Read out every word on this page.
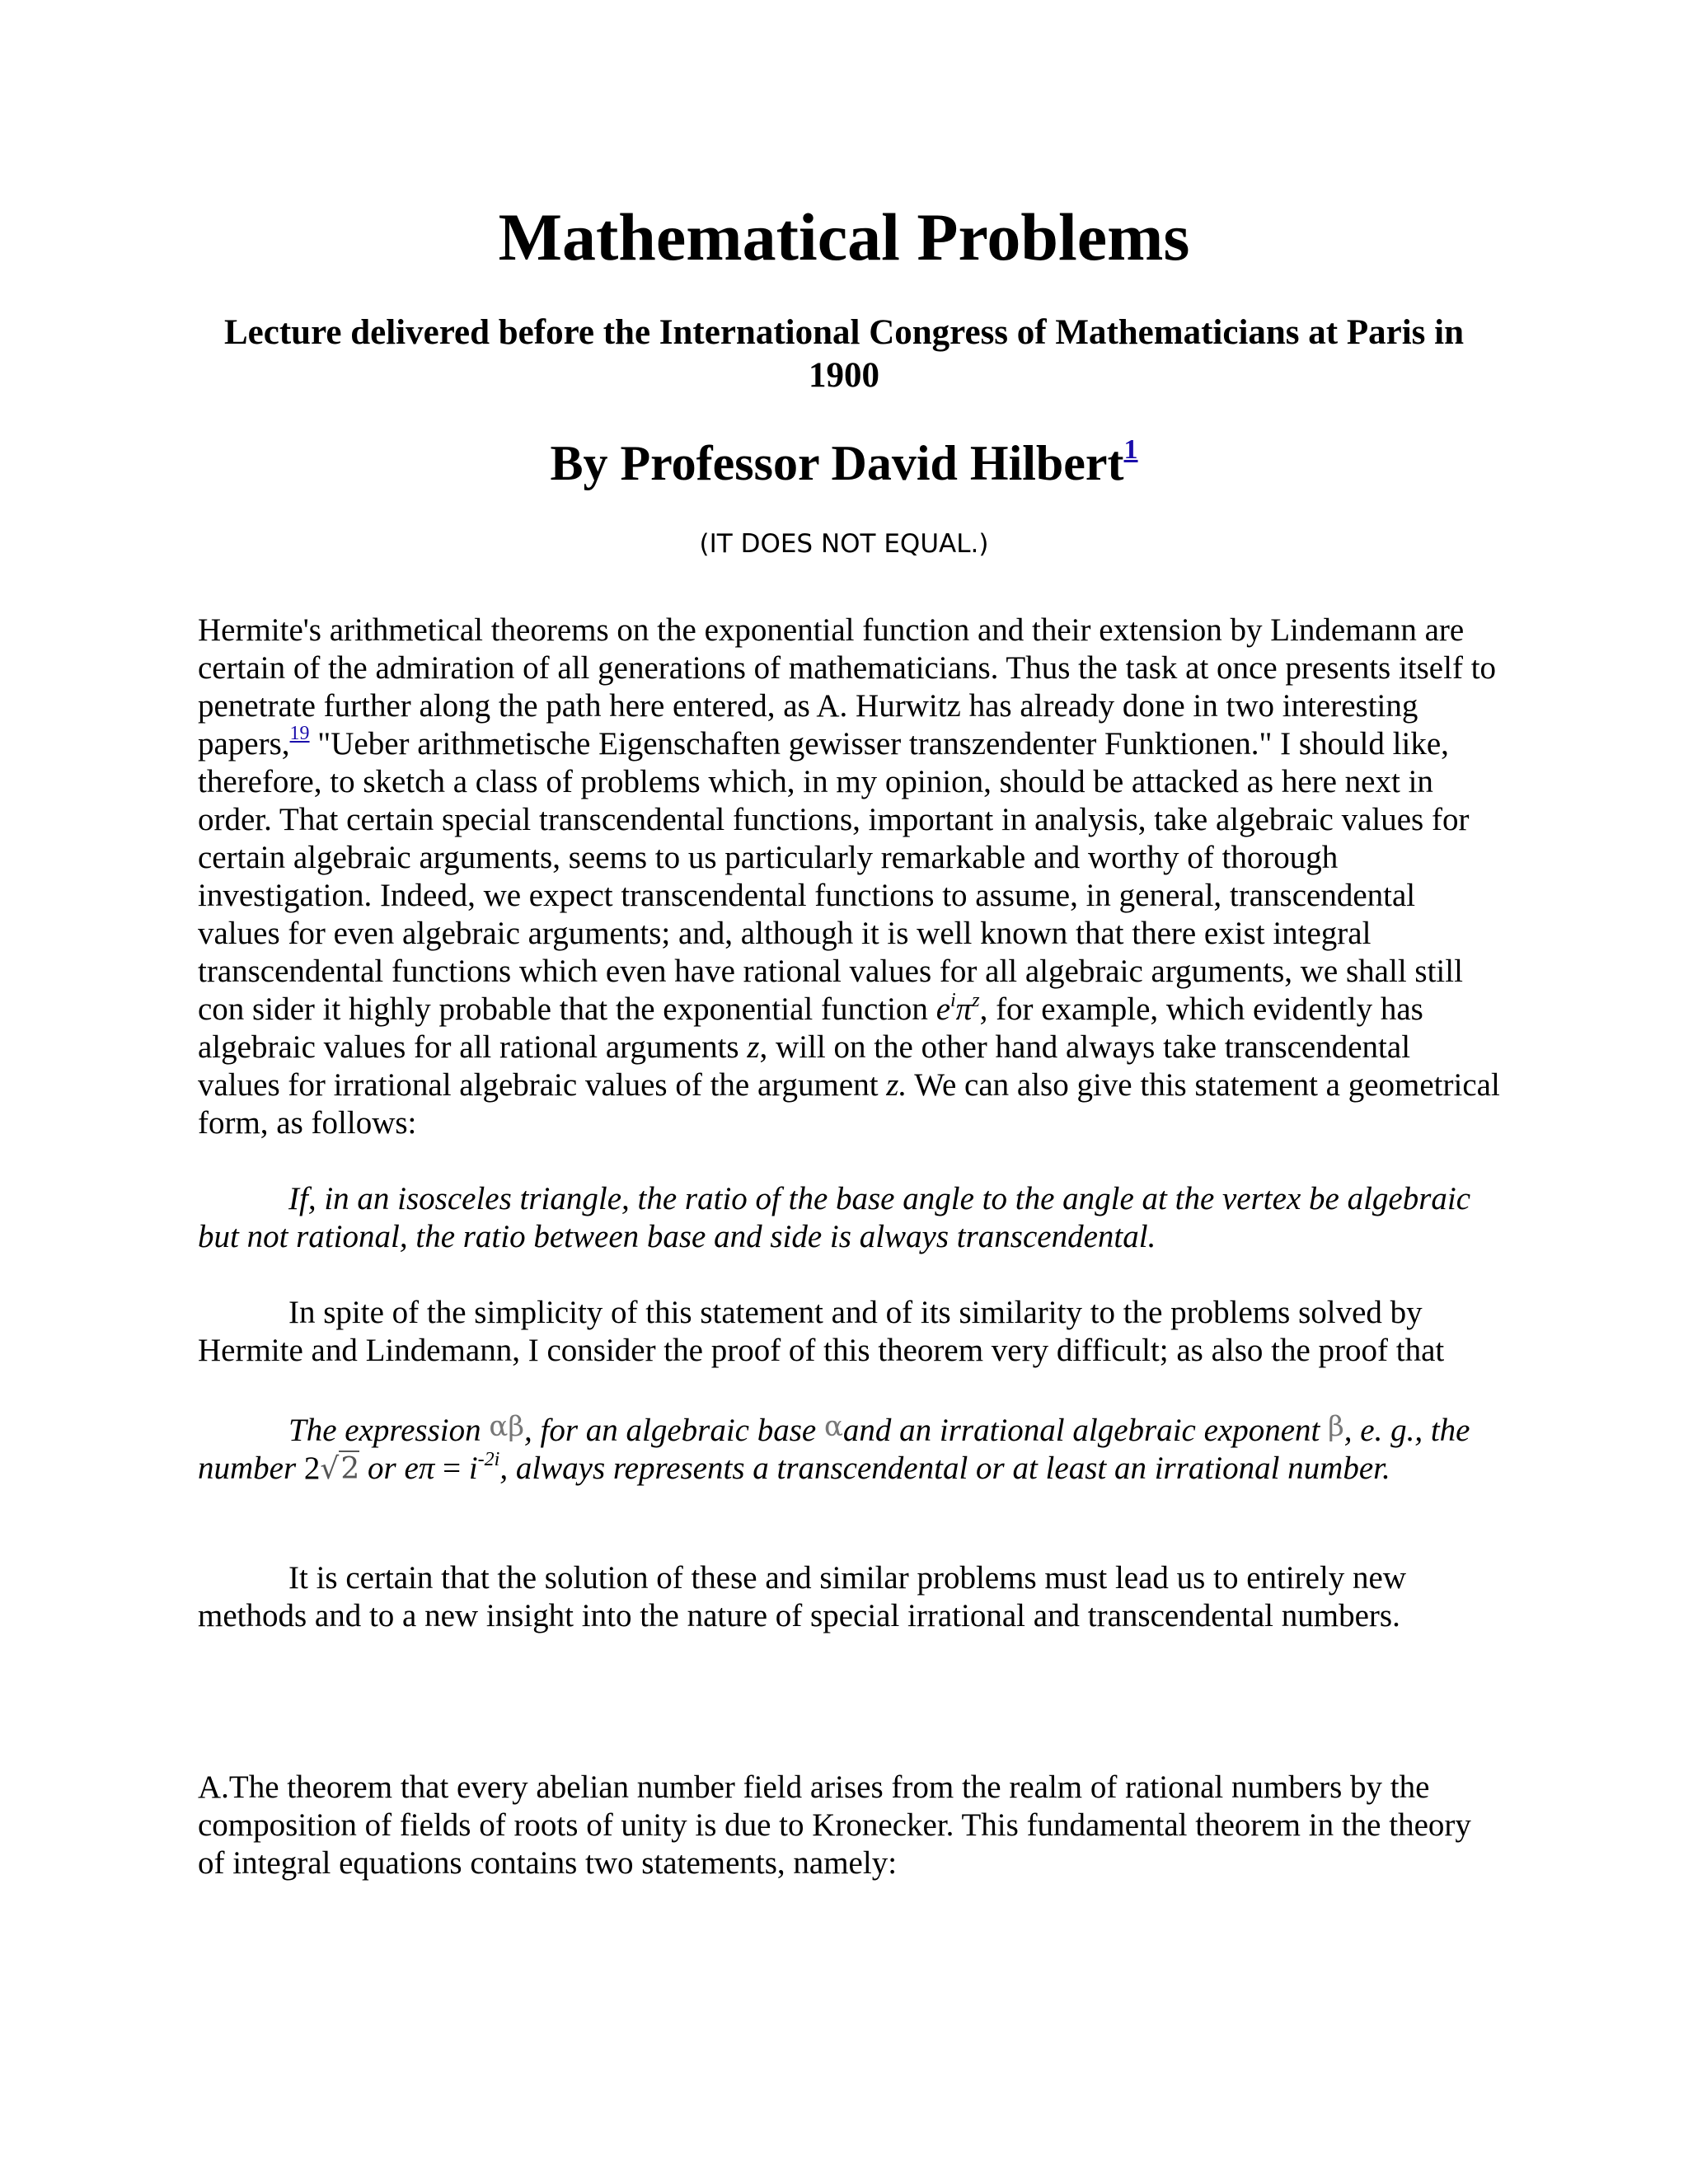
Mathematical Problems
Lecture delivered before the International Congress of Mathematicians at Paris in 1900
By Professor David Hilbert$^1$

(IT DOES NOT EQUAL.)

Hermite's arithmetical theorems on the exponential function and their extension by Lindemann are certain of the admiration of all generations of mathematicians. Thus the task at once presents itself to penetrate further along the path here entered, as A. Hurwitz has already done in two interesting papers,$^{19}$ "Ueber arithmetische Eigenschaften gewisser transzendenter Funktionen." I should like, therefore, to sketch a class of problems which, in my opinion, should be attacked as here next in order. That certain special transcendental functions, important in analysis, take algebraic values for certain algebraic arguments, seems to us particularly remarkable and worthy of thorough investigation. Indeed, we expect transcendental functions to assume, in general, transcendental values for even algebraic arguments; and, although it is well known that there exist integral transcendental functions which even have rational values for all algebraic arguments, we shall still con sider it highly probable that the exponential function $e^i\pi^z$, for example, which evidently has algebraic values for all rational arguments z, will on the other hand always take transcendental values for irrational algebraic values of the argument z. We can also give this statement a geometrical form, as follows:

If, in an isosceles triangle, the ratio of the base angle to the angle at the vertex be algebraic but not rational, the ratio between base and side is always transcendental.

In spite of the simplicity of this statement and of its similarity to the problems solved by Hermite and Lindemann, I consider the proof of this theorem very difficult; as also the proof that

The expression αβ, for an algebraic base αand an irrational algebraic exponent β, e. g., the number 2√2 or $e\pi = i^{-2i}$, always represents a transcendental or at least an irrational number.

It is certain that the solution of these and similar problems must lead us to entirely new methods and to a new insight into the nature of special irrational and transcendental numbers.

A.The theorem that every abelian number field arises from the realm of rational numbers by the composition of fields of roots of unity is due to Kronecker. This fundamental theorem in the theory of integral equations contains two statements, namely:
